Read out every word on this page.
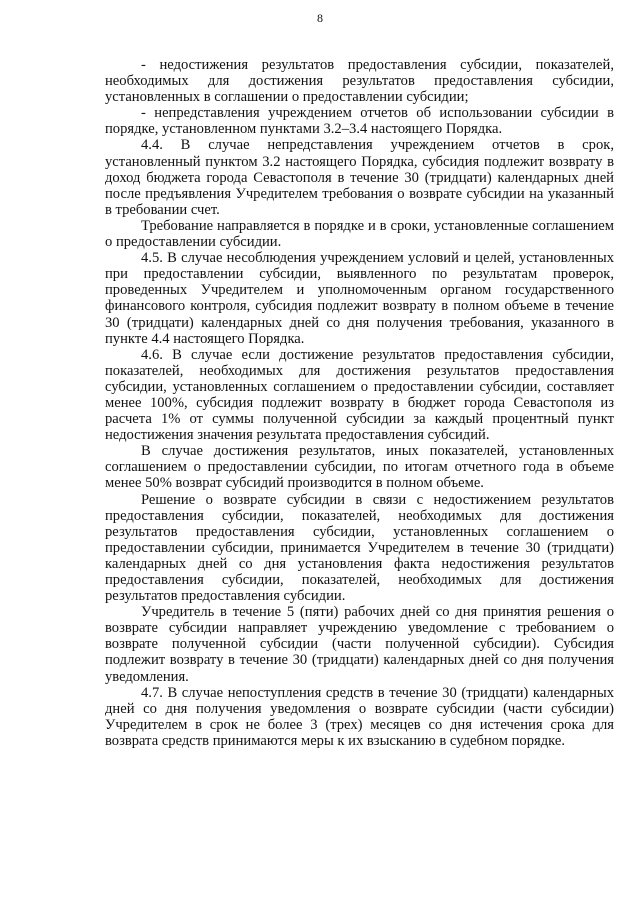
8

- недостижения результатов предоставления субсидии, показателей, необходимых для достижения результатов предоставления субсидии, установленных в соглашении о предоставлении субсидии;

- непредставления учреждением отчетов об использовании субсидии в порядке, установленном пунктами 3.2–3.4 настоящего Порядка.

4.4. В случае непредставления учреждением отчетов в срок, установленный пунктом 3.2 настоящего Порядка, субсидия подлежит возврату в доход бюджета города Севастополя в течение 30 (тридцати) календарных дней после предъявления Учредителем требования о возврате субсидии на указанный в требовании счет.

Требование направляется в порядке и в сроки, установленные соглашением о предоставлении субсидии.

4.5. В случае несоблюдения учреждением условий и целей, установленных при предоставлении субсидии, выявленного по результатам проверок, проведенных Учредителем и уполномоченным органом государственного финансового контроля, субсидия подлежит возврату в полном объеме в течение 30 (тридцати) календарных дней со дня получения требования, указанного в пункте 4.4 настоящего Порядка.

4.6. В случае если достижение результатов предоставления субсидии, показателей, необходимых для достижения результатов предоставления субсидии, установленных соглашением о предоставлении субсидии, составляет менее 100%, субсидия подлежит возврату в бюджет города Севастополя из расчета 1% от суммы полученной субсидии за каждый процентный пункт недостижения значения результата предоставления субсидий.

В случае достижения результатов, иных показателей, установленных соглашением о предоставлении субсидии, по итогам отчетного года в объеме менее 50% возврат субсидий производится в полном объеме.

Решение о возврате субсидии в связи с недостижением результатов предоставления субсидии, показателей, необходимых для достижения результатов предоставления субсидии, установленных соглашением о предоставлении субсидии, принимается Учредителем в течение 30 (тридцати) календарных дней со дня установления факта недостижения результатов предоставления субсидии, показателей, необходимых для достижения результатов предоставления субсидии.

Учредитель в течение 5 (пяти) рабочих дней со дня принятия решения о возврате субсидии направляет учреждению уведомление с требованием о возврате полученной субсидии (части полученной субсидии). Субсидия подлежит возврату в течение 30 (тридцати) календарных дней со дня получения уведомления.

4.7. В случае непоступления средств в течение 30 (тридцати) календарных дней со дня получения уведомления о возврате субсидии (части субсидии) Учредителем в срок не более 3 (трех) месяцев со дня истечения срока для возврата средств принимаются меры к их взысканию в судебном порядке.
